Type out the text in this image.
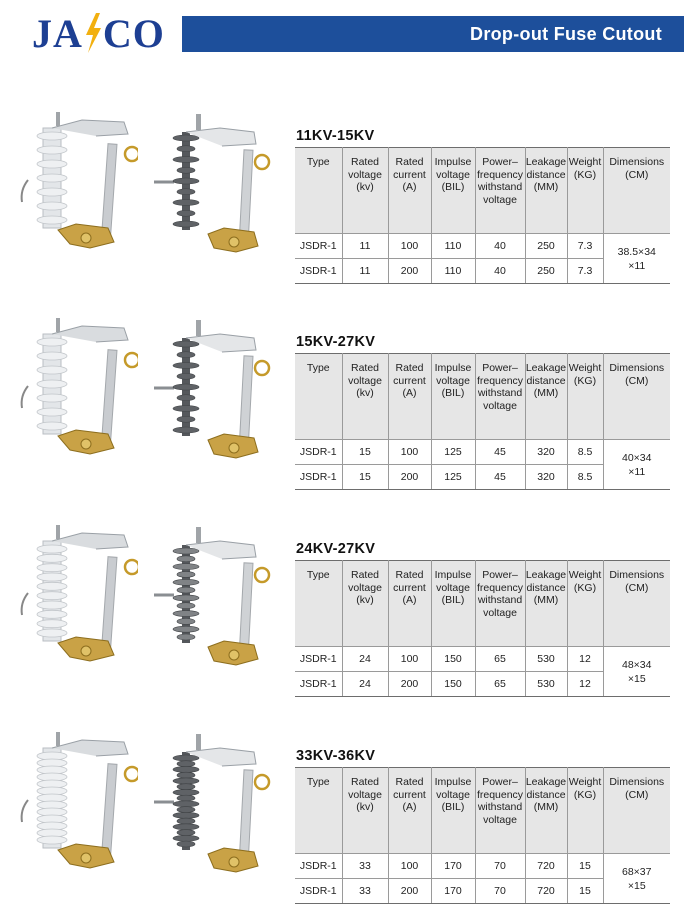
JA CO	Drop-out Fuse Cutout
11KV-15KV
Type	Rated
voltage
(kv)	Rated
current
(A)	Impulse
voltage
(BIL)	Power–
frequency
withstand
voltage	Leakage
distance
(MM)	Weight
(KG)	Dimensions
(CM)
JSDR-1	11	100	110	40	250	7.3	38.5×34
×11
JSDR-1	11	200	110	40	250	7.3	
15KV-27KV
Type	Rated
voltage
(kv)	Rated
current
(A)	Impulse
voltage
(BIL)	Power–
frequency
withstand
voltage	Leakage
distance
(MM)	Weight
(KG)	Dimensions
(CM)
JSDR-1	15	100	125	45	320	8.5	40×34
×11
JSDR-1	15	200	125	45	320	8.5	
24KV-27KV
Type	Rated
voltage
(kv)	Rated
current
(A)	Impulse
voltage
(BIL)	Power–
frequency
withstand
voltage	Leakage
distance
(MM)	Weight
(KG)	Dimensions
(CM)
JSDR-1	24	100	150	65	530	12	48×34
×15
JSDR-1	24	200	150	65	530	12	
33KV-36KV
Type	Rated
voltage
(kv)	Rated
current
(A)	Impulse
voltage
(BIL)	Power–
frequency
withstand
voltage	Leakage
distance
(MM)	Weight
(KG)	Dimensions
(CM)
JSDR-1	33	100	170	70	720	15	68×37
×15
JSDR-1	33	200	170	70	720	15	
